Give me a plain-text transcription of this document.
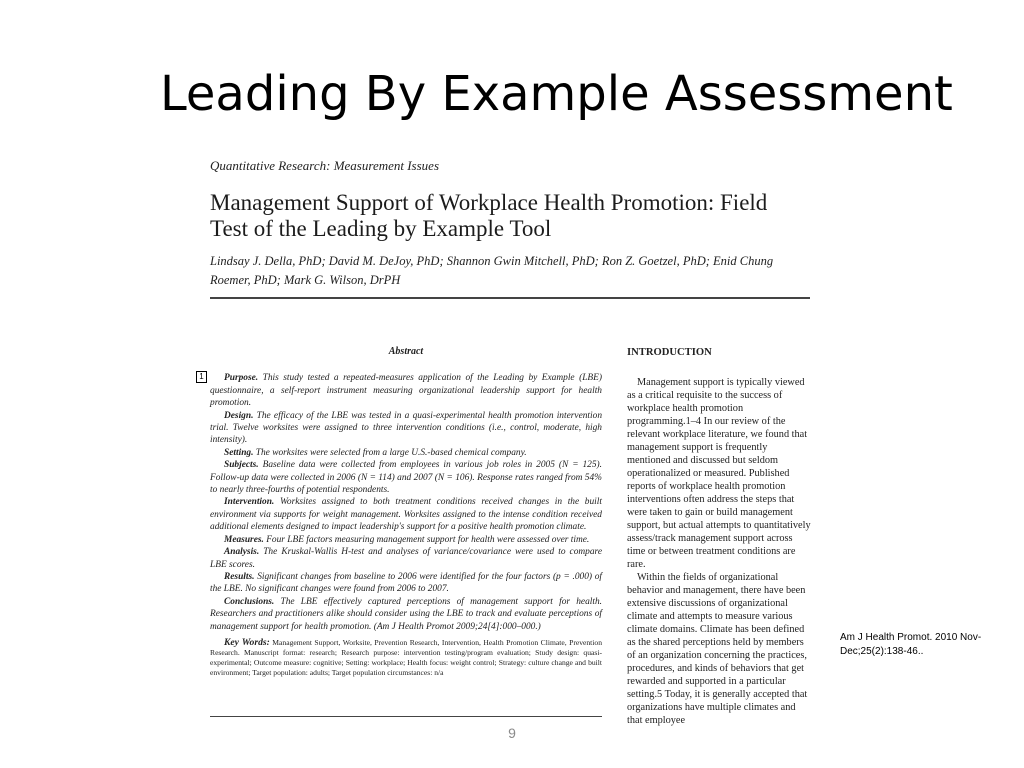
Leading By Example Assessment
Quantitative Research: Measurement Issues
Management Support of Workplace Health Promotion: Field Test of the Leading by Example Tool
Lindsay J. Della, PhD; David M. DeJoy, PhD; Shannon Gwin Mitchell, PhD; Ron Z. Goetzel, PhD; Enid Chung Roemer, PhD; Mark G. Wilson, DrPH
1
Abstract

Purpose. This study tested a repeated-measures application of the Leading by Example (LBE) questionnaire, a self-report instrument measuring organizational leadership support for health promotion.

Design. The efficacy of the LBE was tested in a quasi-experimental health promotion intervention trial. Twelve worksites were assigned to three intervention conditions (i.e., control, moderate, high intensity).

Setting. The worksites were selected from a large U.S.-based chemical company.

Subjects. Baseline data were collected from employees in various job roles in 2005 (N = 125). Follow-up data were collected in 2006 (N = 114) and 2007 (N = 106). Response rates ranged from 54% to nearly three-fourths of potential respondents.

Intervention. Worksites assigned to both treatment conditions received changes in the built environment via supports for weight management. Worksites assigned to the intense condition received additional elements designed to impact leadership's support for a positive health promotion climate.

Measures. Four LBE factors measuring management support for health were assessed over time.

Analysis. The Kruskal-Wallis H-test and analyses of variance/covariance were used to compare LBE scores.

Results. Significant changes from baseline to 2006 were identified for the four factors (p = .000) of the LBE. No significant changes were found from 2006 to 2007.

Conclusions. The LBE effectively captured perceptions of management support for health. Researchers and practitioners alike should consider using the LBE to track and evaluate perceptions of management support for health promotion. (Am J Health Promot 2009;24[4]:000–000.)

Key Words: Management Support, Worksite, Prevention Research, Intervention, Health Promotion Climate, Prevention Research. Manuscript format: research; Research purpose: intervention testing/program evaluation; Study design: quasi-experimental; Outcome measure: cognitive; Setting: workplace; Health focus: weight control; Strategy: culture change and built environment; Target population: adults; Target population circumstances: n/a
INTRODUCTION

Management support is typically viewed as a critical requisite to the success of workplace health promotion programming.1–4 In our review of the relevant workplace literature, we found that management support is frequently mentioned and discussed but seldom operationalized or measured. Published reports of workplace health promotion interventions often address the steps that were taken to gain or build management support, but actual attempts to quantitatively assess/track management support across time or between treatment conditions are rare.

Within the fields of organizational behavior and management, there have been extensive discussions of organizational climate and attempts to measure various climate domains. Climate has been defined as the shared perceptions held by members of an organization concerning the practices, procedures, and kinds of behaviors that get rewarded and supported in a particular setting.5 Today, it is generally accepted that organizations have multiple climates and that employee

Am J Health Promot. 2010 Nov-Dec;25(2):138-46..
9
